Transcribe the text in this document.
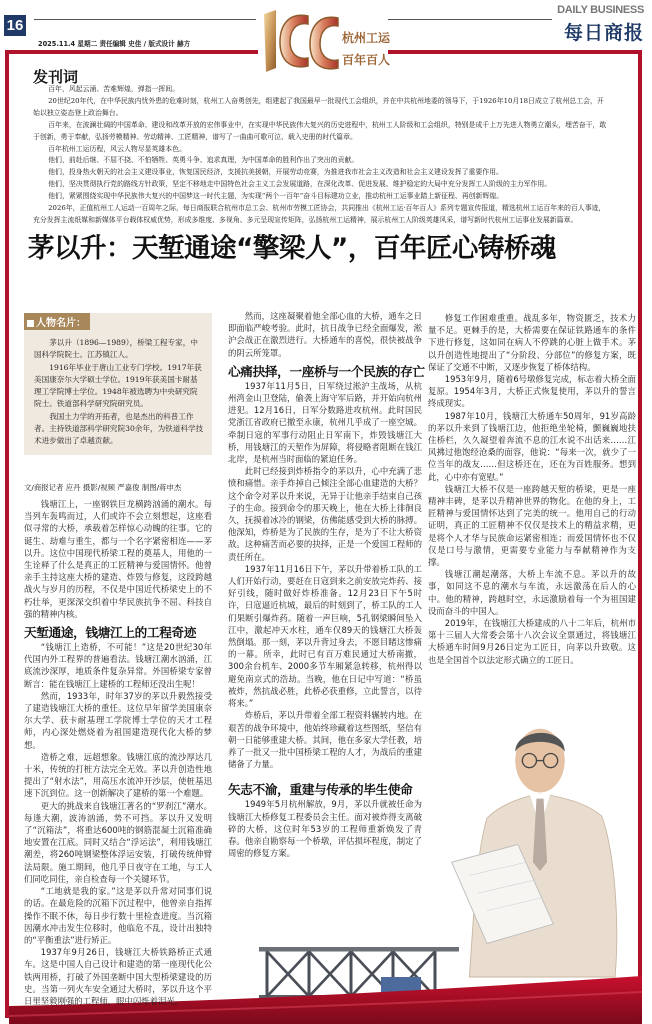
16
2025.11.4 星期二 责任编辑 史佳 / 版式设计 赫方
DAILY BUSINESS
每日商报
杭州工运
百年百人
发刊词

百年，风起云涌、苦难辉煌，弹指一挥间。

20世纪20年代，在中华民族内忧外患的危难时刻，杭州工人奋勇创先，组建起了我国最早一批现代工会组织，并在中共杭州地委的领导下，于1926年10月18日成立了杭州总工会，开始以独立姿态登上政治舞台。

百年来，在波澜壮阔的中国革命、建设和改革开放的宏伟事业中，在实现中华民族伟大复兴的历史进程中，杭州工人阶级和工会组织，特别是成千上万先进人物勇立潮头，埋苦奋干，敢于创新，勇于奉献，弘扬劳模精神、劳动精神、工匠精神，谱写了一曲曲可歌可泣、载入史册的时代篇章。

百年杭州工运历程，风云人物尽显英雄本色。

他们，前赴后继、不屈不挠、不怕牺牲、英勇斗争、追求真理，为中国革命的胜利作出了突出的贡献。

他们，投身热火朝天的社会主义建设事业，恢复国民经济，支援抗美援朝，开展劳动竞赛，为推进我市社会主义改造和社会主义建设发挥了重要作用。

他们，坚决贯彻执行党的路线方针政策，坚定不移地走中国特色社会主义工会发展道路，在深化改革、促进发展、维护稳定的大局中充分发挥工人阶级的主力军作用。

他们，紧紧围绕实现中华民族伟大复兴的中国梦这一时代主题，为实现“两个一百年”奋斗目标建功立业，推动杭州工运事业踏上新征程、再创新辉煌。

2026年，正值杭州工人运动一百周年之际，每日商报联合杭州市总工会、杭州市劳模工匠协会，共同推出《杭州工运·百年百人》系列专题宣传报道，精选杭州工运百年来的百人事迹，充分发挥主流纸媒和新媒体平台载体权威优势，形成多维度、多视角、多元呈现宣传矩阵，弘扬杭州工运精神，展示杭州工人阶级英雄风采，谱写新时代杭州工运事业发展新篇章。

茅以升：天堑通途“擎梁人”，百年匠心铸桥魂
人物名片：

茅以升（1896—1989），桥梁工程专家，中国科学院院士。江苏镇江人。

1916年毕业于唐山工业专门学校。1917年获美国康奈尔大学硕士学位。1919年获美国卡耐基理工学院博士学位。1948年被选聘为中央研究院院士。铁道部科学研究院研究员。

我国土力学的开拓者，也是杰出的科普工作者。主持铁道部科学研究院30余年，为铁道科学技术进步做出了卓越贡献。

文/商报记者 应丹 摄影/视频 严嘉俊 制图/蒋申杰

钱塘江上，一座钢铁巨龙横跨汹涌的潮水。每当列车轰鸣而过，人们或许不会立刻想起，这座看似寻常的大桥，承载着怎样惊心动魄的往事。它的诞生、劫难与重生，都与一个名字紧密相连——茅以升。这位中国现代桥梁工程的奠基人，用他的一生诠释了什么是真正的工匠精神与爱国情怀。他曾亲手主持这座大桥的建造、炸毁与修复，这段跨越战火与岁月的历程，不仅是中国近代桥梁史上的不朽壮举，更深深交织着中华民族抗争不屈、科技自强的精神内核。

天堑通途，钱塘江上的工程奇迹

“钱塘江上造桥，不可能！”这是20世纪30年代国内外工程界的普遍看法。钱塘江潮水汹涌，江底流沙深厚，地质条件复杂异常。外国桥梁专家曾断言：能在钱塘江上建桥的工程师还没出生呢！

然而，1933年，时年37岁的茅以升毅然接受了建造钱塘江大桥的重任。这位早年留学美国康奈尔大学、获卡耐基理工学院博士学位的天才工程师，内心深处燃烧着为祖国建造现代化大桥的梦想。

造桥之难，远超想象。钱塘江底的流沙厚达几十米，传统的打桩方法完全无效。茅以升创造性地提出了“射水法”，用高压水流冲开沙层，使桩基迅速下沉到位。这一创新解决了建桥的第一个难题。

更大的挑战来自钱塘江著名的“罗刹江”潮水。每逢大潮，波涛汹涌，势不可挡。茅以升又发明了“沉箱法”，将重达600吨的钢筋混凝土沉箱准确地安置在江底。同时又结合“浮运法”，利用钱塘江潮差，将260吨钢梁整体浮运安装，打破传统伸臂法局限。施工期间，他几乎日夜守在工地，与工人们同吃同住，亲自检查每一个关键环节。

“工地就是我的家。”这是茅以升常对同事们说的话。在最危险的沉箱下沉过程中，他曾亲自指挥操作不眠不休，每日步行数十里检查进度。当沉箱因潮水冲击发生位移时，他临危不乱，设计出独特的“平衡重法”进行矫正。

1937年9月26日，钱塘江大桥铁路桥正式通车。这是中国人自己设计和建造的第一座现代化公铁两用桥，打破了外国垄断中国大型桥梁建设的历史。当第一列火车安全通过大桥时，茅以升这个平日里坚毅刚强的工程师，眼中闪烁着泪光。

然而，这座凝聚着他全部心血的大桥，通车之日即面临严峻考验。此时，抗日战争已经全面爆发，淞沪会战正在激烈进行。大桥通车的喜悦，很快被战争的阴云所笼罩。

心痛抉择，一座桥与一个民族的存亡

1937年11月5日，日军绕过淞沪主战场，从杭州湾金山卫登陆，偷袭上海守军后路，并开始向杭州进犯。12月16日，日军分数路进攻杭州。此时国民党浙江省政府已撤至永康，杭州几乎成了一座空城。牵制日寇的军事行动阻止日军南下，炸毁钱塘江大桥，用钱塘江的天堑作为屏障，将侵略者阻断在钱江北岸，是杭州当时面临的紧迫任务。

此时已经接到炸桥指令的茅以升，心中充满了悲愤和痛惜。亲手炸掉自己倾注全部心血建造的大桥？这个命令对茅以升来说，无异于让他亲手结束自己孩子的生命。接到命令的那天晚上，他在大桥上徘徊良久，抚摸着冰冷的钢梁，仿佛能感受到大桥的脉搏。他深知，炸桥是为了民族的生存，是为了不让大桥资敌。这种痛苦而必要的抉择，正是一个爱国工程师的责任所在。

1937年11月16日下午，茅以升带着桥工队的工人们开始行动，要赶在日寇到来之前安放完炸药、接好引线，随时做好炸桥准备。12月23日下午5时许，日寇逼近杭城，最后的时刻到了，桥工队的工人们果断引爆炸药。随着一声巨响，5孔钢梁瞬间坠入江中，激起冲天水柱，通车仅89天的钱塘江大桥轰然倒塌。那一刻，茅以升背过身去，不愿目睹这惨痛的一幕。所幸，此时已有百万难民通过大桥南撤，300余台机车、2000多节车厢紧急转移，杭州得以避免南京式的浩劫。当晚，他在日记中写道：“桥虽被炸，然抗战必胜，此桥必获重修，立此誓言，以待将来。”

炸桥后，茅以升带着全部工程资料辗转内地。在艰苦的战争环境中，他始终珍藏着这些图纸，坚信有朝一日能够重建大桥。其间，他在多家大学任教，培养了一批又一批中国桥梁工程的人才，为战后的重建储备了力量。

矢志不渝，重建与传承的毕生使命

1949年5月杭州解放，9月，茅以升就被任命为钱塘江大桥修复工程委员会主任。面对被炸得支离破碎的大桥，这位时年53岁的工程师重新焕发了青春。他亲自勘察每一个桥墩，评估损坏程度，制定了周密的修复方案。

修复工作困难重重。战乱多年，物资匮乏，技术力量不足。更棘手的是，大桥需要在保证铁路通车的条件下进行修复，这如同在病人不停跳的心脏上做手术。茅以升创造性地提出了“分阶段、分部位”的修复方案，既保证了交通不中断，又逐步恢复了桥体结构。

1953年9月，随着6号墩修复完成，标志着大桥全面复原。1954年3月，大桥正式恢复使用，茅以升的誓言终成现实。

1987年10月，钱塘江大桥通车50周年，91岁高龄的茅以升来到了钱塘江边，他拒绝坐轮椅，颤巍巍地扶住桥栏，久久凝望着奔流不息的江水说不出话来……江风拂过他饱经沧桑的面容，他说：“每来一次，就少了一位当年的战友……但这桥还在，还在为百姓服务。想到此，心中亦有宽慰。”

钱塘江大桥不仅是一座跨越天堑的桥梁，更是一座精神丰碑，是茅以升精神世界的物化。在他的身上，工匠精神与爱国情怀达到了完美的统一。他用自己的行动证明，真正的工匠精神不仅仅是技术上的精益求精，更是将个人才华与民族命运紧密相连；而爱国情怀也不仅仅是口号与激情，更需要专业能力与奉献精神作为支撑。

钱塘江潮起潮落，大桥上车流不息。茅以升的故事，如同这不息的潮水与车流，永远激荡在后人的心中。他的精神，跨越时空，永远激励着每一个为祖国建设而奋斗的中国人。

2019年，在钱塘江大桥建成的八十二年后，杭州市第十三届人大常委会第十八次会议全票通过，将钱塘江大桥通车时间9月26日定为工匠日，向茅以升致敬。这也是全国首个以法定形式确立的工匠日。
